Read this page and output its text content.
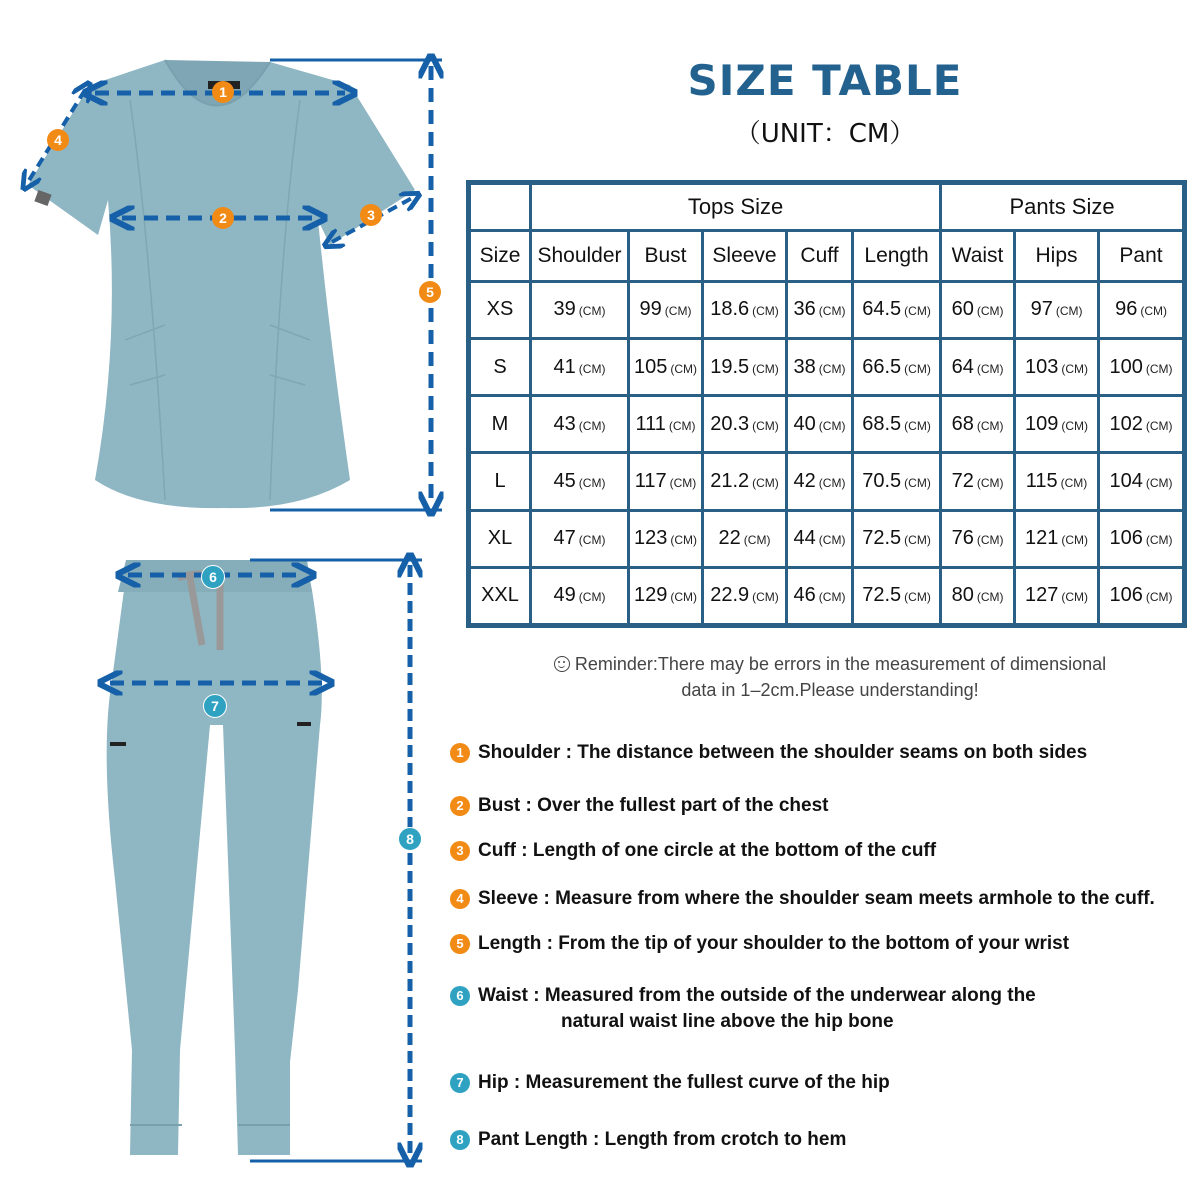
1
2	3
4
5
6
7
8
SIZE TABLE
（UNIT：CM）
	Tops Size					Pants Size		
Size	Shoulder	Bust	Sleeve	Cuff	Length	Waist	Hips	Pant
XS	39 (CM)	99 (CM)	18.6 (CM)	36 (CM)	64.5 (CM)	60 (CM)	97 (CM)	96 (CM)
S	41 (CM)	105 (CM)	19.5 (CM)	38 (CM)	66.5 (CM)	64 (CM)	103 (CM)	100 (CM)
M	43 (CM)	111 (CM)	20.3 (CM)	40 (CM)	68.5 (CM)	68 (CM)	109 (CM)	102 (CM)
L	45 (CM)	117 (CM)	21.2 (CM)	42 (CM)	70.5 (CM)	72 (CM)	115 (CM)	104 (CM)
XL	47 (CM)	123 (CM)	22 (CM)	44 (CM)	72.5 (CM)	76 (CM)	121 (CM)	106 (CM)
XXL	49 (CM)	129 (CM)	22.9 (CM)	46 (CM)	72.5 (CM)	80 (CM)	127 (CM)	106 (CM)
Reminder:There may be errors in the measurement of dimensional
data in 1–2cm.Please understanding!
1 Shoulder : The distance between the shoulder seams on both sides
2 Bust : Over the fullest part of the chest
3 Cuff : Length of one circle at the bottom of the cuff
4 Sleeve : Measure from where the shoulder seam meets armhole to the cuff.
5 Length : From the tip of your shoulder to the bottom of your wrist
6 Waist : Measured from the outside of the underwear along the
natural waist line above the hip bone
7 Hip : Measurement the fullest curve of the hip
8 Pant Length : Length from crotch to hem
